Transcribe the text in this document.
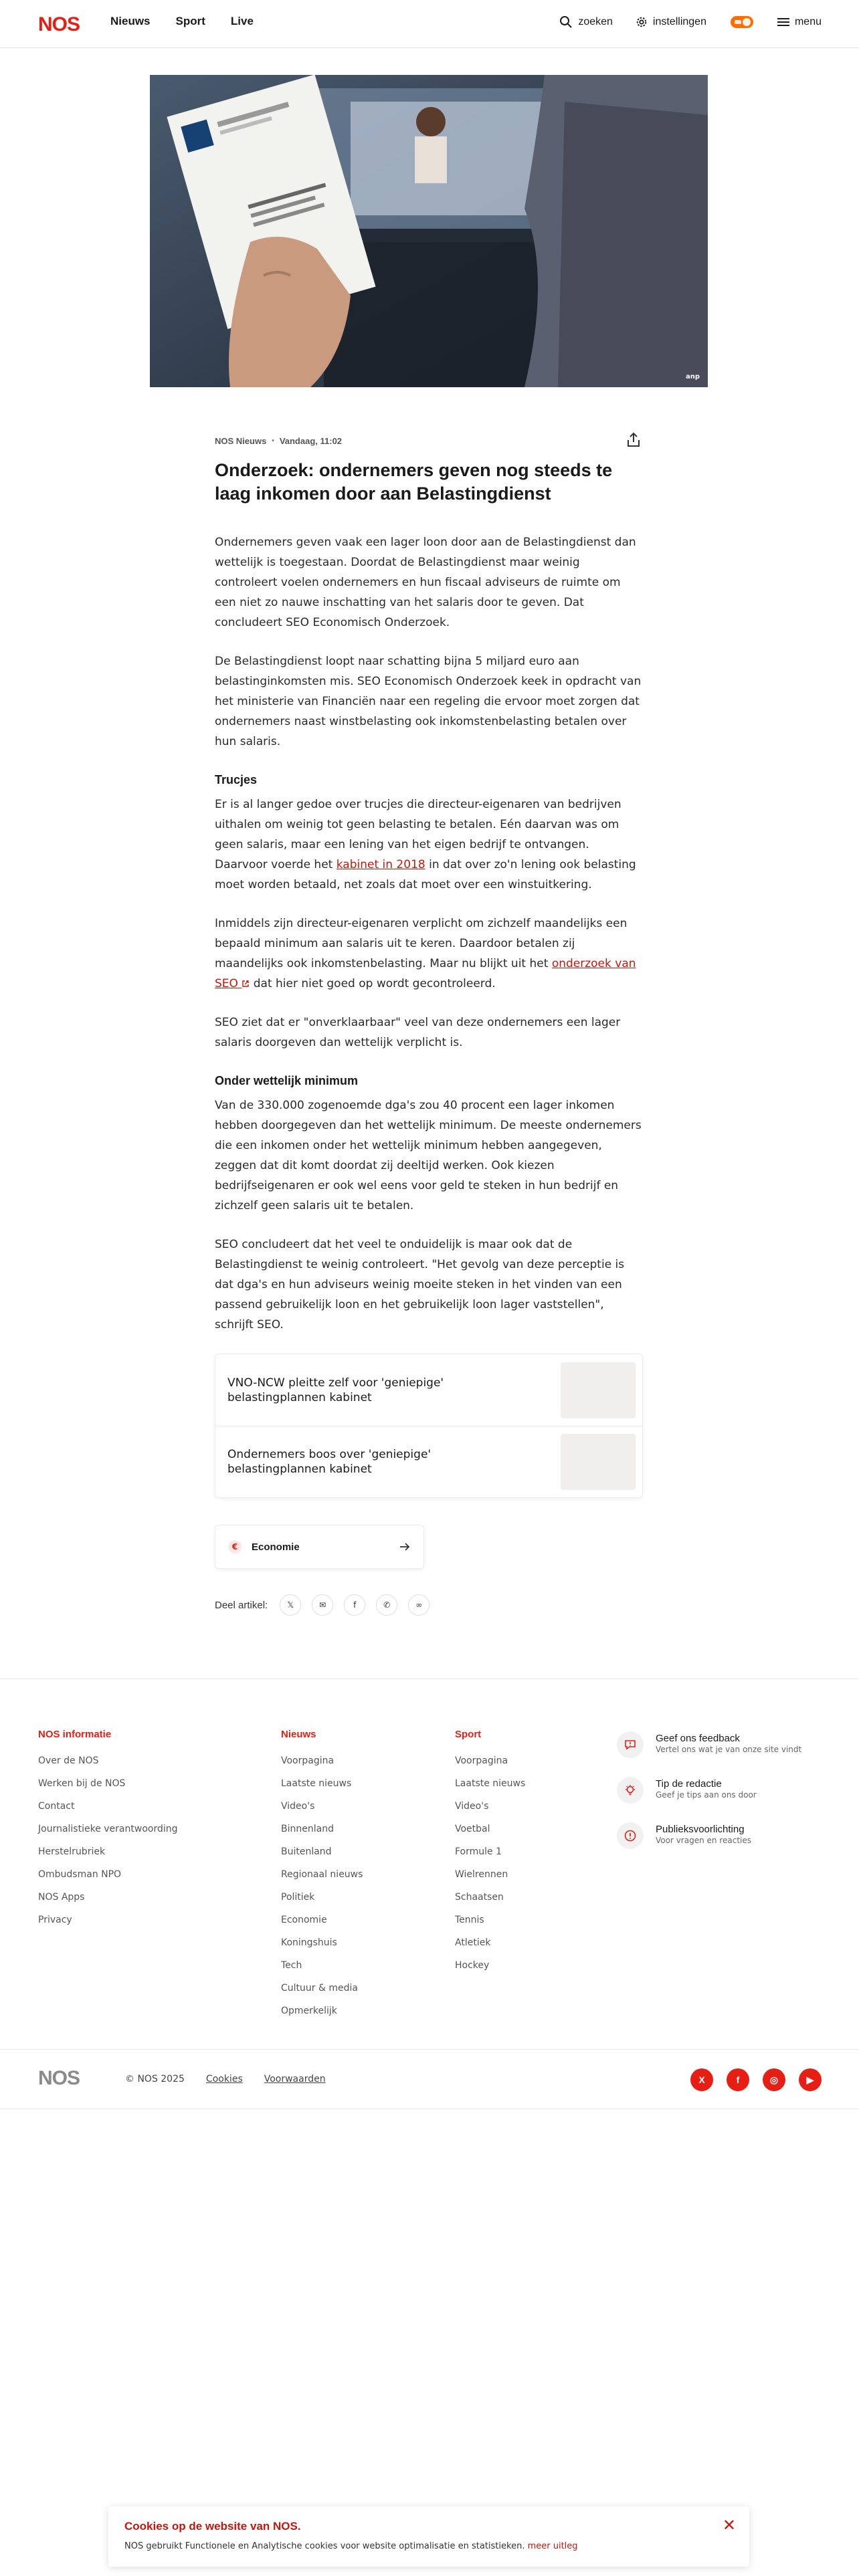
NOS	Nieuws Sport Live	zoeken	instellingen	menu
anp
NOS Nieuws • Vandaag, 11:02
Onderzoek: ondernemers geven nog steeds te laag inkomen door aan Belastingdienst

Ondernemers geven vaak een lager loon door aan de Belastingdienst dan wettelijk is toegestaan. Doordat de Belastingdienst maar weinig controleert voelen ondernemers en hun fiscaal adviseurs de ruimte om een niet zo nauwe inschatting van het salaris door te geven. Dat concludeert SEO Economisch Onderzoek.

De Belastingdienst loopt naar schatting bijna 5 miljard euro aan belastinginkomsten mis. SEO Economisch Onderzoek keek in opdracht van het ministerie van Financiën naar een regeling die ervoor moet zorgen dat ondernemers naast winstbelasting ook inkomstenbelasting betalen over hun salaris.

Trucjes

Er is al langer gedoe over trucjes die directeur-eigenaren van bedrijven uithalen om weinig tot geen belasting te betalen. Eén daarvan was om geen salaris, maar een lening van het eigen bedrijf te ontvangen. Daarvoor voerde het kabinet in 2018 in dat over zo'n lening ook belasting moet worden betaald, net zoals dat moet over een winstuitkering.

Inmiddels zijn directeur-eigenaren verplicht om zichzelf maandelijks een bepaald minimum aan salaris uit te keren. Daardoor betalen zij maandelijks ook inkomstenbelasting. Maar nu blijkt uit het onderzoek van SEO  dat hier niet goed op wordt gecontroleerd.

SEO ziet dat er "onverklaarbaar" veel van deze ondernemers een lager salaris doorgeven dan wettelijk verplicht is.

Onder wettelijk minimum

Van de 330.000 zogenoemde dga's zou 40 procent een lager inkomen hebben doorgegeven dan het wettelijk minimum. De meeste ondernemers die een inkomen onder het wettelijk minimum hebben aangegeven, zeggen dat dit komt doordat zij deeltijd werken. Ook kiezen bedrijfseigenaren er ook wel eens voor geld te steken in hun bedrijf en zichzelf geen salaris uit te betalen.

SEO concludeert dat het veel te onduidelijk is maar ook dat de Belastingdienst te weinig controleert. "Het gevolg van deze perceptie is dat dga's en hun adviseurs weinig moeite steken in het vinden van een passend gebruikelijk loon en het gebruikelijk loon lager vaststellen", schrijft SEO.

VNO-NCW pleitte zelf voor 'geniepige' belastingplannen kabinet
Ondernemers boos over 'geniepige' belastingplannen kabinet
€ Economie
Deel artikel: 𝕏	✉	f	✆	∞
NOS informatie
Over de NOS
Werken bij de NOS
Contact
Journalistieke verantwoording
Herstelrubriek
Ombudsman NPO
NOS Apps
Privacy
Nieuws
Voorpagina
Laatste nieuws
Video's
Binnenland
Buitenland
Regionaal nieuws
Politiek
Economie
Koningshuis
Tech
Cultuur & media
Opmerkelijk
Sport
Voorpagina
Laatste nieuws
Video's
Voetbal
Formule 1
Wielrennen
Schaatsen
Tennis
Atletiek
Hockey
Geef ons feedback
Vertel ons wat je van onze site vindt
Tip de redactie
Geef je tips aan ons door
Publieksvoorlichting
Voor vragen en reacties
NOS	© NOS 2025 Cookies Voorwaarden	X	f	◎	▶
Cookies op de website van NOS.
NOS gebruikt Functionele en Analytische cookies voor website optimalisatie en statistieken. meer uitleg
✕
